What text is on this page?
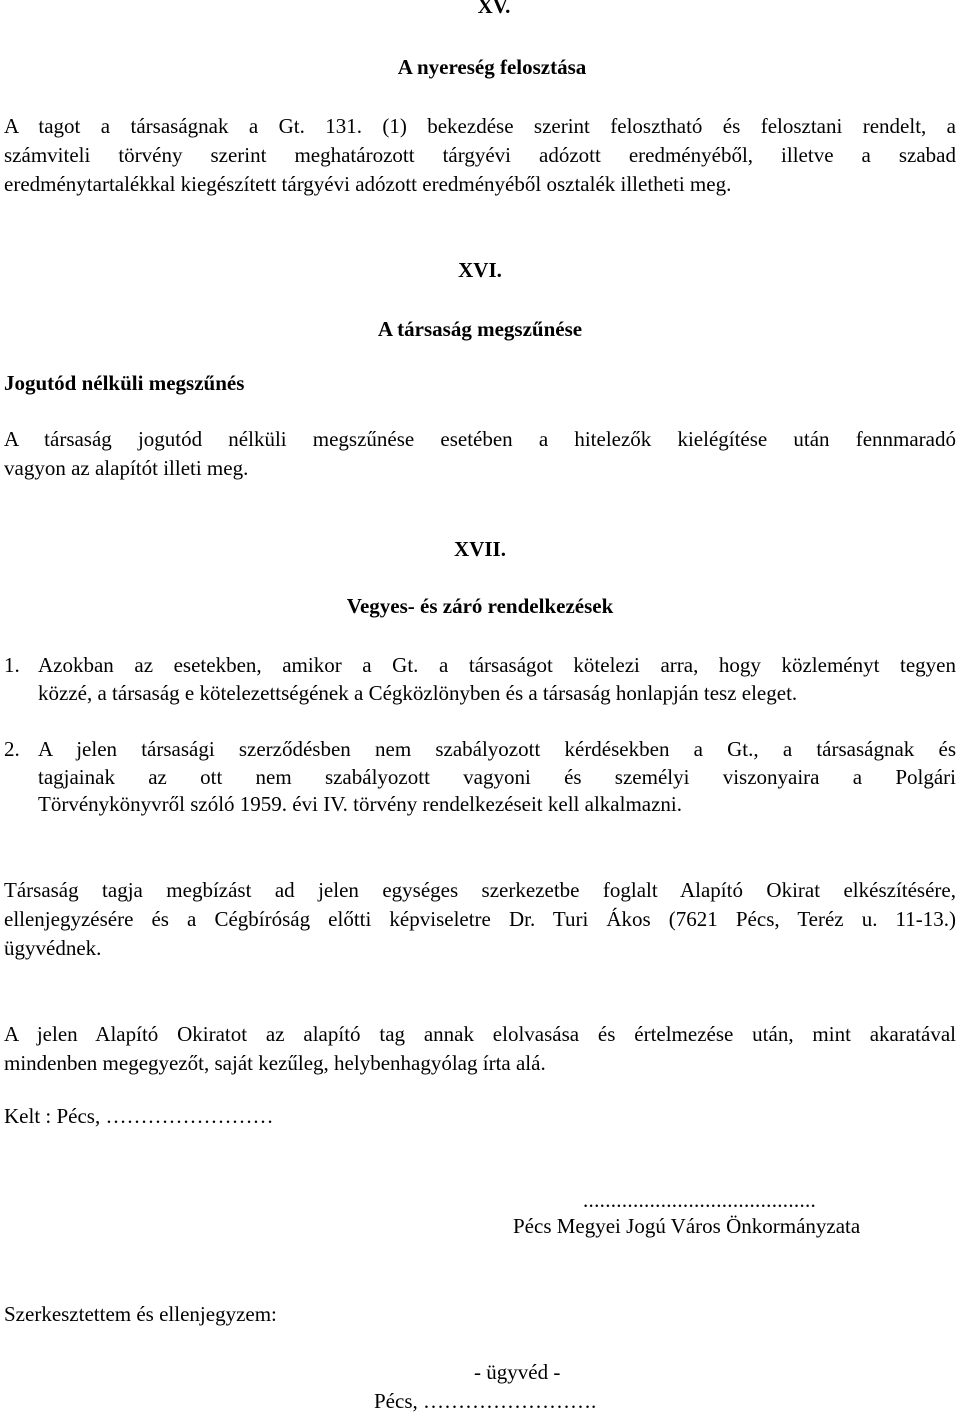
XV.
A nyereség felosztása
A tagot a társaságnak a Gt. 131. (1) bekezdése szerint felosztható és felosztani rendelt, a
számviteli törvény szerint meghatározott tárgyévi adózott eredményéből, illetve a szabad
eredménytartalékkal kiegészített tárgyévi adózott eredményéből osztalék illetheti meg.
XVI.
A társaság megszűnése
Jogutód nélküli megszűnés
A társaság jogutód nélküli megszűnése esetében a hitelezők kielégítése után fennmaradó
vagyon az alapítót illeti meg.
XVII.
Vegyes- és záró rendelkezések
1. Azokban az esetekben, amikor a Gt. a társaságot kötelezi arra, hogy közleményt tegyen
közzé, a társaság e kötelezettségének a Cégközlönyben és a társaság honlapján tesz eleget.
2. A jelen társasági szerződésben nem szabályozott kérdésekben a Gt., a társaságnak és
tagjainak az ott nem szabályozott vagyoni és személyi viszonyaira a Polgári
Törvénykönyvről szóló 1959. évi IV. törvény rendelkezéseit kell alkalmazni.
Társaság tagja megbízást ad jelen egységes szerkezetbe foglalt Alapító Okirat elkészítésére,
ellenjegyzésére és a Cégbíróság előtti képviseletre Dr. Turi Ákos (7621 Pécs, Teréz u. 11-13.)
ügyvédnek.
A jelen Alapító Okiratot az alapító tag annak elolvasása és értelmezése után, mint akaratával
mindenben megegyezőt, saját kezűleg, helybenhagyólag írta alá.
Kelt : Pécs, ……………………
..........................................
Pécs Megyei Jogú Város Önkormányzata
Szerkesztettem és ellenjegyzem:
- ügyvéd -
Pécs, …………………….
